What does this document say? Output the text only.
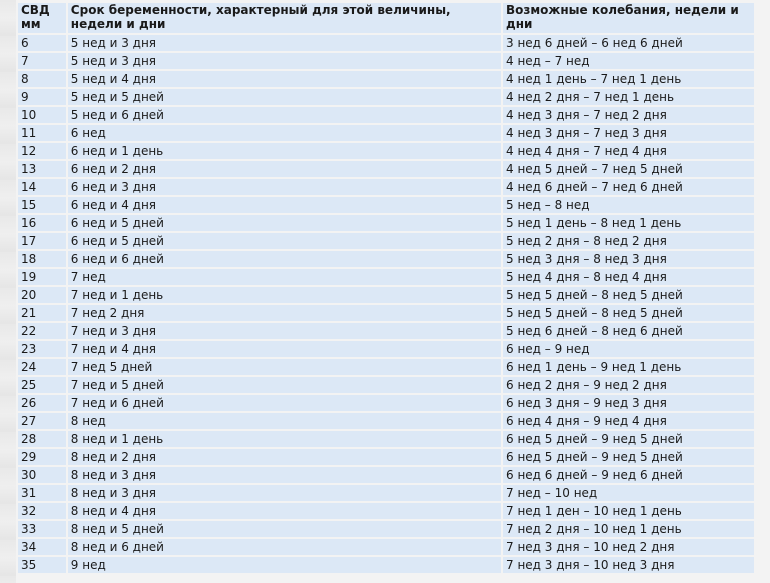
СВД мм	Срок беременности, характерный для этой величины, недели и дни	Возможные колебания, недели и дни
6	5 нед и 3 дня	3 нед 6 дней – 6 нед 6 дней
7	5 нед и 3 дня	4 нед – 7 нед
8	5 нед и 4 дня	4 нед 1 день – 7 нед 1 день
9	5 нед и 5 дней	4 нед 2 дня – 7 нед 1 день
10	5 нед и 6 дней	4 нед 3 дня – 7 нед 2 дня
11	6 нед	4 нед 3 дня – 7 нед 3 дня
12	6 нед и 1 день	4 нед 4 дня – 7 нед 4 дня
13	6 нед и 2 дня	4 нед 5 дней – 7 нед 5 дней
14	6 нед и 3 дня	4 нед 6 дней – 7 нед 6 дней
15	6 нед и 4 дня	5 нед – 8 нед
16	6 нед и 5 дней	5 нед 1 день – 8 нед 1 день
17	6 нед и 5 дней	5 нед 2 дня – 8 нед 2 дня
18	6 нед и 6 дней	5 нед 3 дня – 8 нед 3 дня
19	7 нед	5 нед 4 дня – 8 нед 4 дня
20	7 нед и 1 день	5 нед 5 дней – 8 нед 5 дней
21	7 нед 2 дня	5 нед 5 дней – 8 нед 5 дней
22	7 нед и 3 дня	5 нед 6 дней – 8 нед 6 дней
23	7 нед и 4 дня	6 нед – 9 нед
24	7 нед 5 дней	6 нед 1 день – 9 нед 1 день
25	7 нед и 5 дней	6 нед 2 дня – 9 нед 2 дня
26	7 нед и 6 дней	6 нед 3 дня – 9 нед 3 дня
27	8 нед	6 нед 4 дня – 9 нед 4 дня
28	8 нед и 1 день	6 нед 5 дней – 9 нед 5 дней
29	8 нед и 2 дня	6 нед 5 дней – 9 нед 5 дней
30	8 нед и 3 дня	6 нед 6 дней – 9 нед 6 дней
31	8 нед и 3 дня	7 нед – 10 нед
32	8 нед и 4 дня	7 нед 1 ден – 10 нед 1 день
33	8 нед и 5 дней	7 нед 2 дня – 10 нед 1 день
34	8 нед и 6 дней	7 нед 3 дня – 10 нед 2 дня
35	9 нед	7 нед 3 дня – 10 нед 3 дня
